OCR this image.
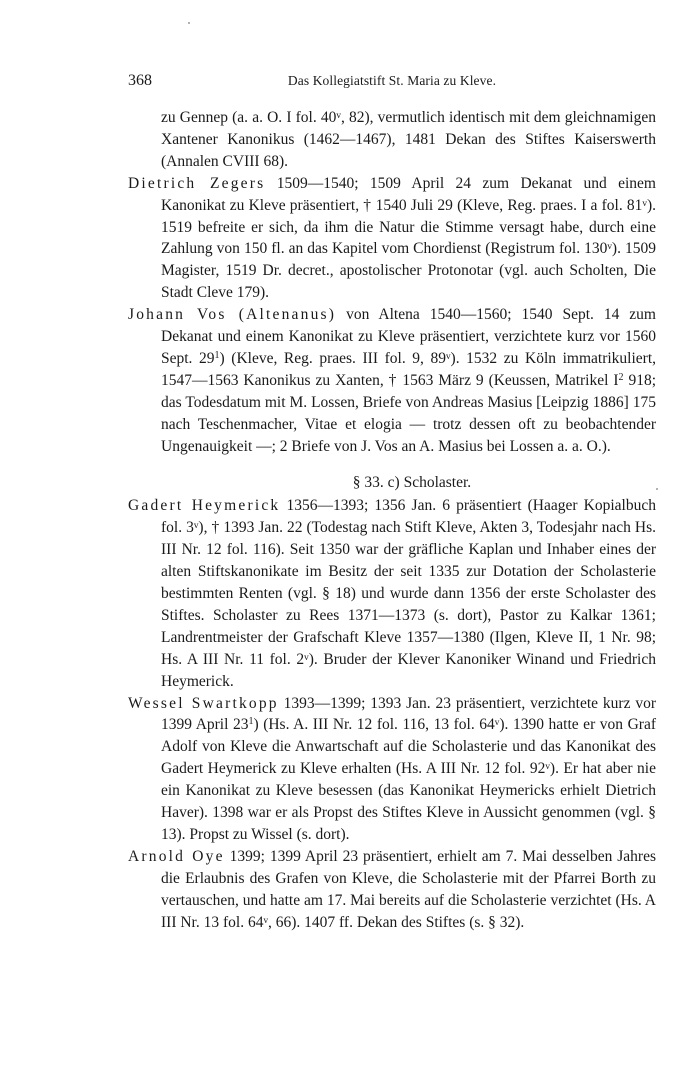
368	Das Kollegiatstift St. Maria zu Kleve.

zu Gennep (a. a. O. I fol. 40ᵛ, 82), vermutlich identisch mit dem gleichnamigen Xantener Kanonikus (1462—1467), 1481 Dekan des Stiftes Kaiserswerth (Annalen CVIII 68).

Dietrich Zegers 1509—1540; 1509 April 24 zum Dekanat und einem Kanonikat zu Kleve präsentiert, † 1540 Juli 29 (Kleve, Reg. praes. I a fol. 81ᵛ). 1519 befreite er sich, da ihm die Natur die Stimme versagt habe, durch eine Zahlung von 150 fl. an das Kapitel vom Chordienst (Registrum fol. 130ᵛ). 1509 Magister, 1519 Dr. decret., apostolischer Protonotar (vgl. auch Scholten, Die Stadt Cleve 179).

Johann Vos (Altenanus) von Altena 1540—1560; 1540 Sept. 14 zum Dekanat und einem Kanonikat zu Kleve präsentiert, verzichtete kurz vor 1560 Sept. $29^1$) (Kleve, Reg. praes. III fol. 9, 89ᵛ). 1532 zu Köln immatrikuliert, 1547—1563 Kanonikus zu Xanten, † 1563 März 9 (Keussen, Matrikel $I^2$ 918; das Todesdatum mit M. Lossen, Briefe von Andreas Masius [Leipzig 1886] 175 nach Teschenmacher, Vitae et elogia — trotz dessen oft zu beobachtender Ungenauigkeit —; 2 Briefe von J. Vos an A. Masius bei Lossen a. a. O.).

§ 33. c) Scholaster.

Gadert Heymerick 1356—1393; 1356 Jan. 6 präsentiert (Haager Kopialbuch fol. 3ᵛ), † 1393 Jan. 22 (Todestag nach Stift Kleve, Akten 3, Todesjahr nach Hs. III Nr. 12 fol. 116). Seit 1350 war der gräfliche Kaplan und Inhaber eines der alten Stiftskanonikate im Besitz der seit 1335 zur Dotation der Scholasterie bestimmten Renten (vgl. § 18) und wurde dann 1356 der erste Scholaster des Stiftes. Scholaster zu Rees 1371—1373 (s. dort), Pastor zu Kalkar 1361; Landrentmeister der Grafschaft Kleve 1357—1380 (Ilgen, Kleve II, 1 Nr. 98; Hs. A III Nr. 11 fol. 2ᵛ). Bruder der Klever Kanoniker Winand und Friedrich Heymerick.

Wessel Swartkopp 1393—1399; 1393 Jan. 23 präsentiert, verzichtete kurz vor 1399 April $23^1$) (Hs. A. III Nr. 12 fol. 116, 13 fol. 64ᵛ). 1390 hatte er von Graf Adolf von Kleve die Anwartschaft auf die Scholasterie und das Kanonikat des Gadert Heymerick zu Kleve erhalten (Hs. A III Nr. 12 fol. 92ᵛ). Er hat aber nie ein Kanonikat zu Kleve besessen (das Kanonikat Heymericks erhielt Dietrich Haver). 1398 war er als Propst des Stiftes Kleve in Aussicht genommen (vgl. § 13). Propst zu Wissel (s. dort).

Arnold Oye 1399; 1399 April 23 präsentiert, erhielt am 7. Mai desselben Jahres die Erlaubnis des Grafen von Kleve, die Scholasterie mit der Pfarrei Borth zu vertauschen, und hatte am 17. Mai bereits auf die Scholasterie verzichtet (Hs. A III Nr. 13 fol. 64ᵛ, 66). 1407 ff. Dekan des Stiftes (s. § 32).
